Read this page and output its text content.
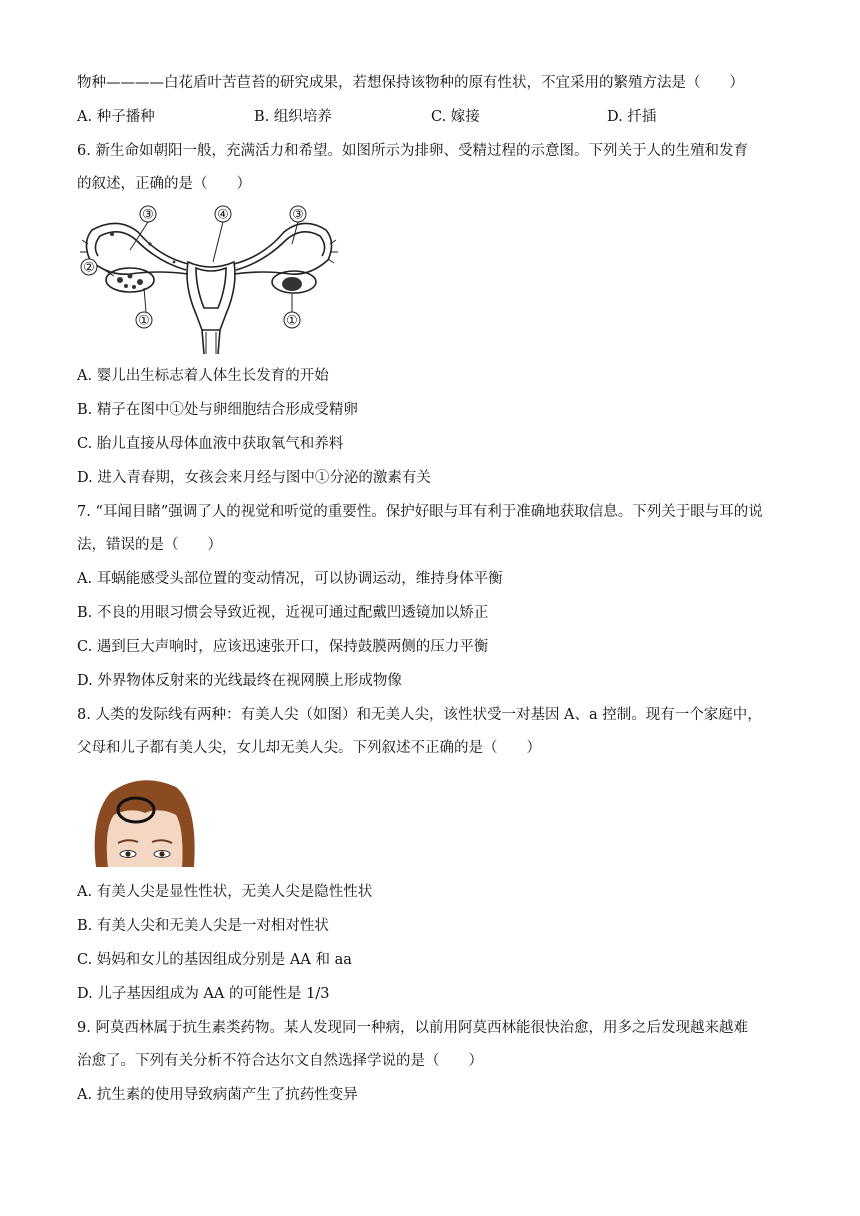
物种————白花盾叶苦苣苔的研究成果，若想保持该物种的原有性状，不宜采用的繁殖方法是（　　）
A. 种子播种	B. 组织培养	C. 嫁接	D. 扦插
6. 新生命如朝阳一般，充满活力和希望。如图所示为排卵、受精过程的示意图。下列关于人的生殖和发育
的叙述，正确的是（　　）
③	④	③
②
①	①
A. 婴儿出生标志着人体生长发育的开始
B. 精子在图中①处与卵细胞结合形成受精卵
C. 胎儿直接从母体血液中获取氧气和养料
D. 进入青春期，女孩会来月经与图中①分泌的激素有关
7. “耳闻目睹”强调了人的视觉和听觉的重要性。保护好眼与耳有利于准确地获取信息。下列关于眼与耳的说
法，错误的是（　　）
A. 耳蜗能感受头部位置的变动情况，可以协调运动，维持身体平衡
B. 不良的用眼习惯会导致近视，近视可通过配戴凹透镜加以矫正
C. 遇到巨大声响时，应该迅速张开口，保持鼓膜两侧的压力平衡
D. 外界物体反射来的光线最终在视网膜上形成物像
8. 人类的发际线有两种：有美人尖（如图）和无美人尖，该性状受一对基因 A、a 控制。现有一个家庭中，
父母和儿子都有美人尖，女儿却无美人尖。下列叙述不正确的是（　　）
A. 有美人尖是显性性状，无美人尖是隐性性状
B. 有美人尖和无美人尖是一对相对性状
C. 妈妈和女儿的基因组成分别是 AA 和 aa
D. 儿子基因组成为 AA 的可能性是 1/3
9. 阿莫西林属于抗生素类药物。某人发现同一种病，以前用阿莫西林能很快治愈，用多之后发现越来越难
治愈了。下列有关分析不符合达尔文自然选择学说的是（　　）
A. 抗生素的使用导致病菌产生了抗药性变异
